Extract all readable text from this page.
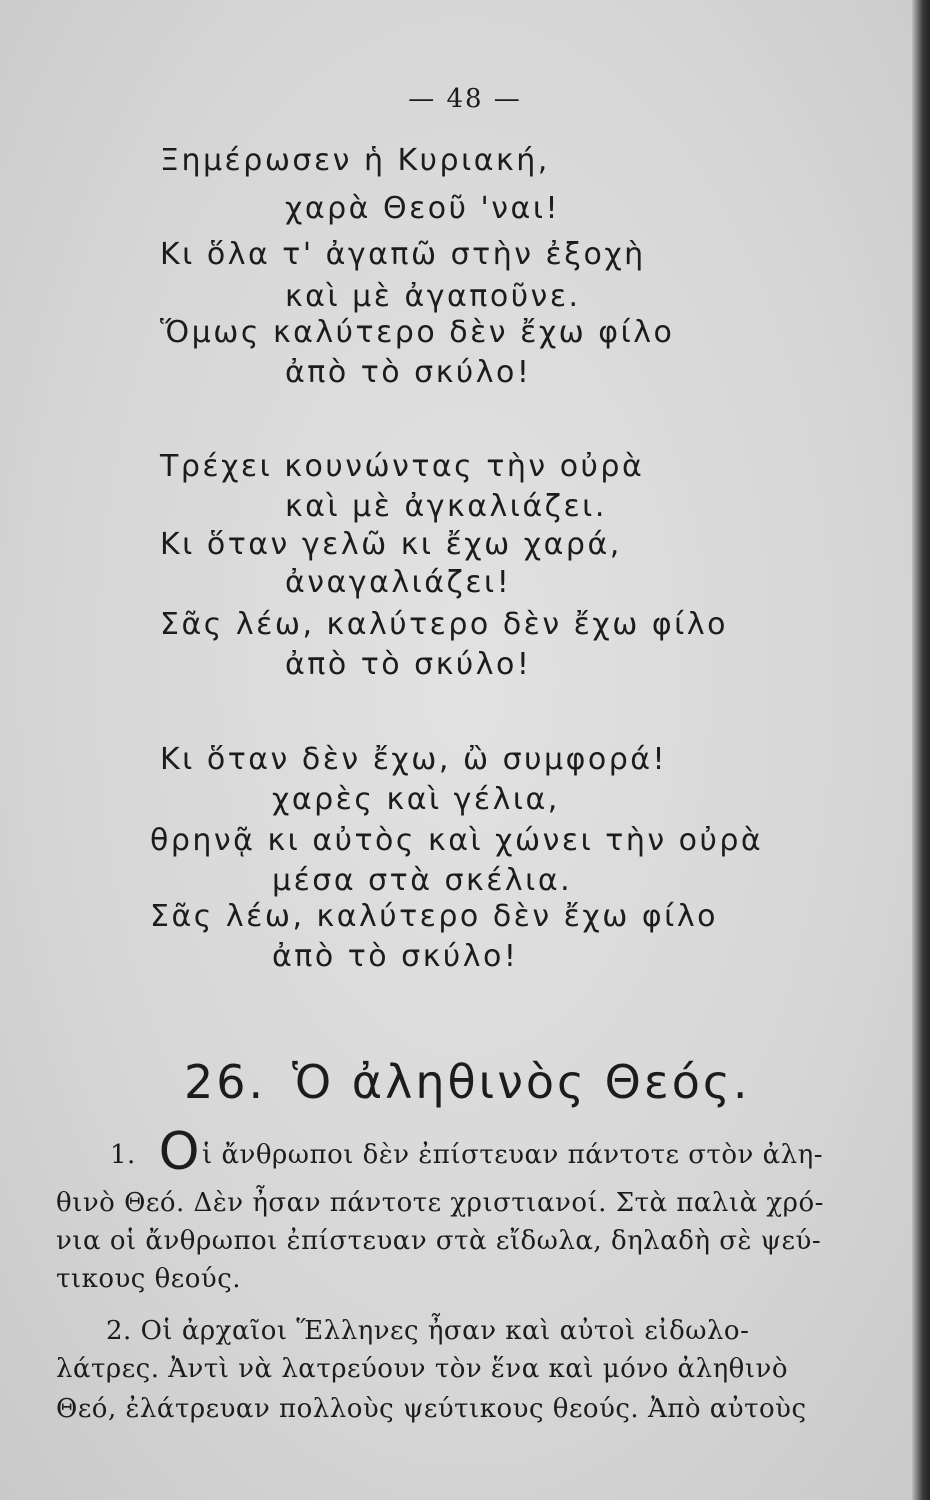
— 48 —
Ξημέρωσεν ἡ Κυριακή,
χαρὰ Θεοῦ 'ναι!
Κι ὅλα τ' ἀγαπῶ στὴν ἐξοχὴ
καὶ μὲ ἀγαποῦνε.
Ὅμως καλύτερο δὲν ἔχω φίλο
ἀπὸ τὸ σκύλο!
Τρέχει κουνώντας τὴν οὐρὰ
καὶ μὲ ἀγκαλιάζει.
Κι ὅταν γελῶ κι ἔχω χαρά,
ἀναγαλιάζει!
Σᾶς λέω, καλύτερο δὲν ἔχω φίλο
ἀπὸ τὸ σκύλο!
Κι ὅταν δὲν ἔχω, ὢ συμφορά!
χαρὲς καὶ γέλια,
θρηνᾷ κι αὐτὸς καὶ χώνει τὴν οὐρὰ
μέσα στὰ σκέλια.
Σᾶς λέω, καλύτερο δὲν ἔχω φίλο
ἀπὸ τὸ σκύλο!
26. Ὁ ἀληθινὸς Θεός.
1. Οἱ ἄνθρωποι δὲν ἐπίστευαν πάντοτε στὸν ἀλη-
θινὸ Θεό. Δὲν ἦσαν πάντοτε χριστιανοί. Στὰ παλιὰ χρό-
νια οἱ ἄνθρωποι ἐπίστευαν στὰ εἴδωλα, δηλαδὴ σὲ ψεύ-
τικους θεούς.
2. Οἱ ἀρχαῖοι Ἕλληνες ἦσαν καὶ αὐτοὶ εἰδωλο-
λάτρες. Ἀντὶ νὰ λατρεύουν τὸν ἕνα καὶ μόνο ἀληθινὸ
Θεό, ἐλάτρευαν πολλοὺς ψεύτικους θεούς. Ἀπὸ αὐτοὺς
